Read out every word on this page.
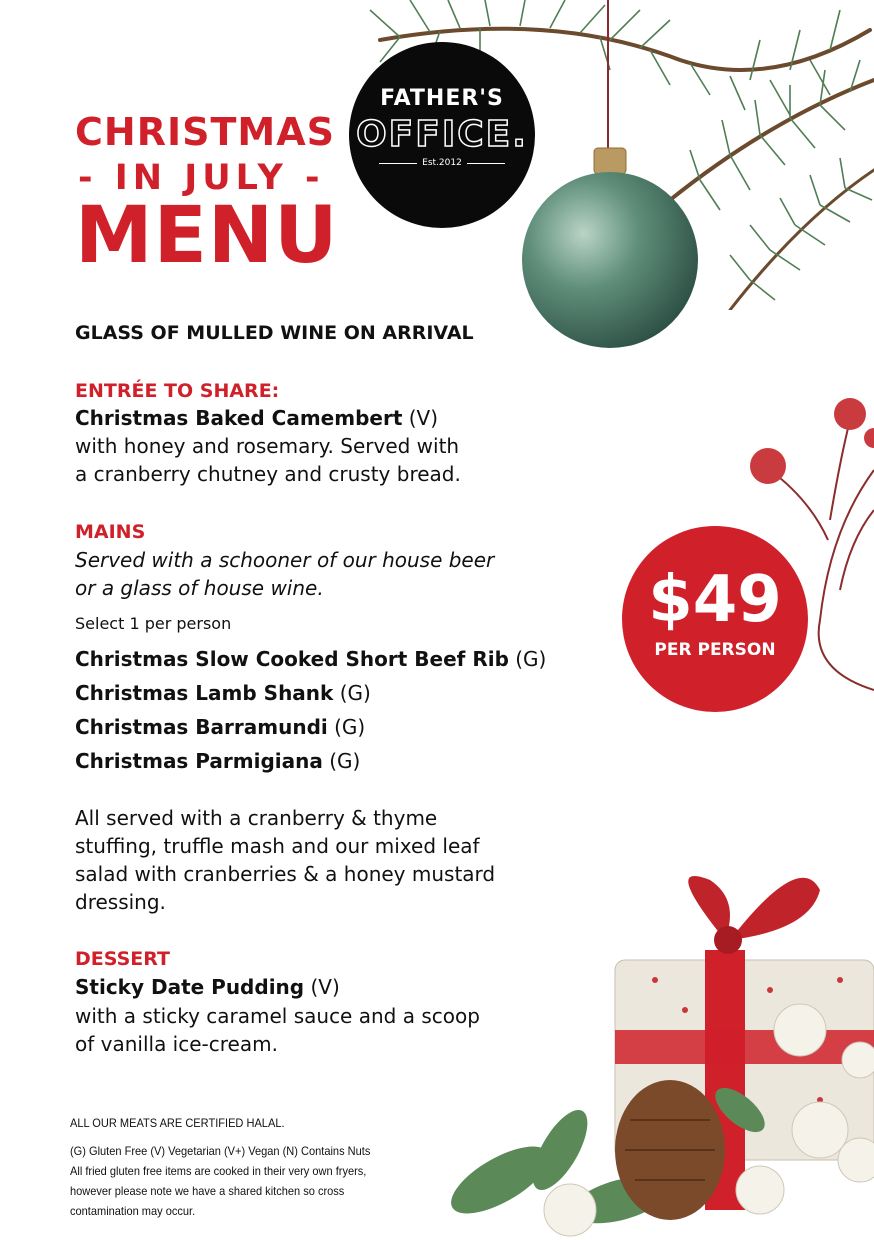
CHRISTMAS
- IN JULY -
MENU
FATHER'S
OFFICE.
Est.2012
GLASS OF MULLED WINE ON ARRIVAL
ENTRÉE TO SHARE:
Christmas Baked Camembert (V)
with honey and rosemary. Served with
a cranberry chutney and crusty bread.
MAINS
Served with a schooner of our house beer
or a glass of house wine.
Select 1 per person
Christmas Slow Cooked Short Beef Rib (G)
Christmas Lamb Shank (G)
Christmas Barramundi (G)
Christmas Parmigiana (G)
All served with a cranberry & thyme
stuffing, truffle mash and our mixed leaf
salad with cranberries & a honey mustard
dressing.
DESSERT
Sticky Date Pudding (V)
with a sticky caramel sauce and a scoop
of vanilla ice-cream.
$49
PER PERSON
ALL OUR MEATS ARE CERTIFIED HALAL.
(G) Gluten Free (V) Vegetarian (V+) Vegan (N) Contains Nuts
All fried gluten free items are cooked in their very own fryers,
however please note we have a shared kitchen so cross
contamination may occur.
